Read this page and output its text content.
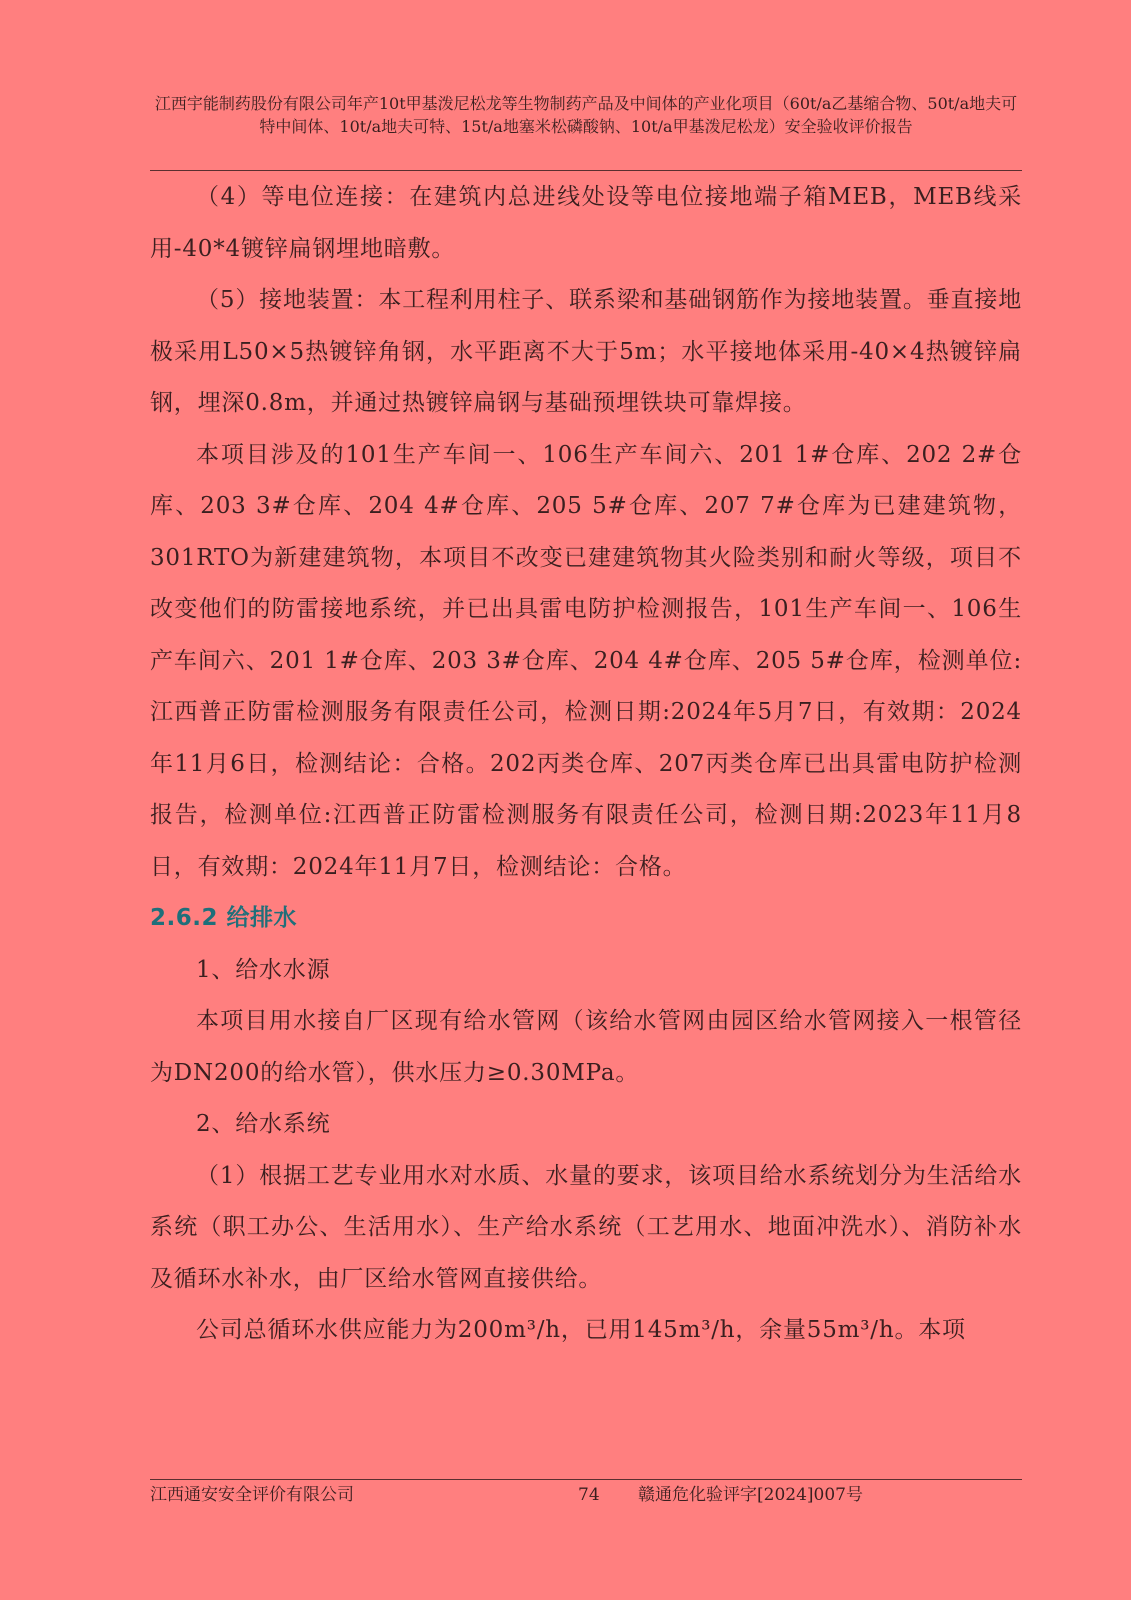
江西宇能制药股份有限公司年产10t甲基泼尼松龙等生物制药产品及中间体的产业化项目（60t/a乙基缩合物、50t/a地夫可特中间体、10t/a地夫可特、15t/a地塞米松磷酸钠、10t/a甲基泼尼松龙）安全验收评价报告

（4）等电位连接：在建筑内总进线处设等电位接地端子箱MEB，MEB线采用-40*4镀锌扁钢埋地暗敷。

（5）接地装置：本工程利用柱子、联系梁和基础钢筋作为接地装置。垂直接地极采用L50×5热镀锌角钢，水平距离不大于5m；水平接地体采用-40×4热镀锌扁钢，埋深0.8m，并通过热镀锌扁钢与基础预埋铁块可靠焊接。

本项目涉及的101生产车间一、106生产车间六、201 1#仓库、202 2#仓库、203 3#仓库、204 4#仓库、205 5#仓库、207 7#仓库为已建建筑物，301RTO为新建建筑物，本项目不改变已建建筑物其火险类别和耐火等级，项目不改变他们的防雷接地系统，并已出具雷电防护检测报告，101生产车间一、106生产车间六、201 1#仓库、203 3#仓库、204 4#仓库、205 5#仓库，检测单位:江西普正防雷检测服务有限责任公司，检测日期:2024年5月7日，有效期：2024年11月6日，检测结论：合格。202丙类仓库、207丙类仓库已出具雷电防护检测报告，检测单位:江西普正防雷检测服务有限责任公司，检测日期:2023年11月8日，有效期：2024年11月7日，检测结论：合格。

2.6.2 给排水

1、给水水源

本项目用水接自厂区现有给水管网（该给水管网由园区给水管网接入一根管径为DN200的给水管），供水压力≥0.30MPa。

2、给水系统

（1）根据工艺专业用水对水质、水量的要求，该项目给水系统划分为生活给水系统（职工办公、生活用水）、生产给水系统（工艺用水、地面冲洗水）、消防补水及循环水补水，由厂区给水管网直接供给。

公司总循环水供应能力为200m³/h，已用145m³/h，余量55m³/h。本项

江西通安安全评价有限公司	74 赣通危化验评字[2024]007号
